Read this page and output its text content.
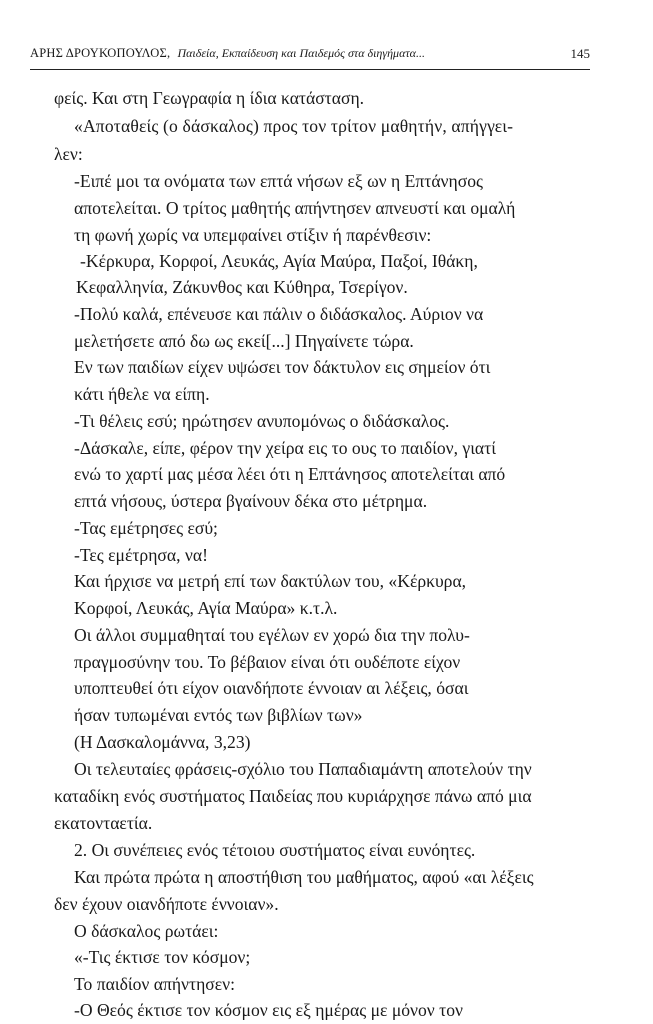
ΑΡΗΣ ΔΡΟΥΚΟΠΟΥΛΟΣ, Παιδεία, Εκπαίδευση και Παιδεμός στα διηγήματα...	145
φείς. Και στη Γεωγραφία η ίδια κατάσταση.
«Αποταθείς (ο δάσκαλος) προς τον τρίτον μαθητήν, απήγγει-
λεν:
-Ειπέ μοι τα ονόματα των επτά νήσων εξ ων η Επτάνησος
αποτελείται. Ο τρίτος μαθητής απήντησεν απνευστί και ομαλή
τη φωνή χωρίς να υπεμφαίνει στίξιν ή παρένθεσιν:
-Κέρκυρα, Κορφοί, Λευκάς, Αγία Μαύρα, Παξοί, Ιθάκη,
Κεφαλληνία, Ζάκυνθος και Κύθηρα, Τσερίγον.
-Πολύ καλά, επένευσε και πάλιν ο διδάσκαλος. Αύριον να
μελετήσετε από δω ως εκεί[...] Πηγαίνετε τώρα.
Εν των παιδίων είχεν υψώσει τον δάκτυλον εις σημείον ότι
κάτι ήθελε να είπη.
-Τι θέλεις εσύ; ηρώτησεν ανυπομόνως ο διδάσκαλος.
-Δάσκαλε, είπε, φέρον την χείρα εις το ους το παιδίον, γιατί
ενώ το χαρτί μας μέσα λέει ότι η Επτάνησος αποτελείται από
επτά νήσους, ύστερα βγαίνουν δέκα στο μέτρημα.
-Τας εμέτρησες εσύ;
-Τες εμέτρησα, να!
Και ήρχισε να μετρή επί των δακτύλων του, «Κέρκυρα,
Κορφοί, Λευκάς, Αγία Μαύρα» κ.τ.λ.
Οι άλλοι συμμαθηταί του εγέλων εν χορώ δια την πολυ-
πραγμοσύνην του. Το βέβαιον είναι ότι ουδέποτε είχον
υποπτευθεί ότι είχον οιανδήποτε έννοιαν αι λέξεις, όσαι
ήσαν τυπωμέναι εντός των βιβλίων των»
(Η Δασκαλομάννα, 3,23)
Οι τελευταίες φράσεις-σχόλιο του Παπαδιαμάντη αποτελούν την
καταδίκη ενός συστήματος Παιδείας που κυριάρχησε πάνω από μια
εκατονταετία.
2. Οι συνέπειες ενός τέτοιου συστήματος είναι ευνόητες.
Και πρώτα πρώτα η αποστήθιση του μαθήματος, αφού «αι λέξεις
δεν έχουν οιανδήποτε έννοιαν».
Ο δάσκαλος ρωτάει:
«-Τις έκτισε τον κόσμον;
Το παιδίον απήντησεν:
-Ο Θεός έκτισε τον κόσμον εις εξ ημέρας με μόνον τον
